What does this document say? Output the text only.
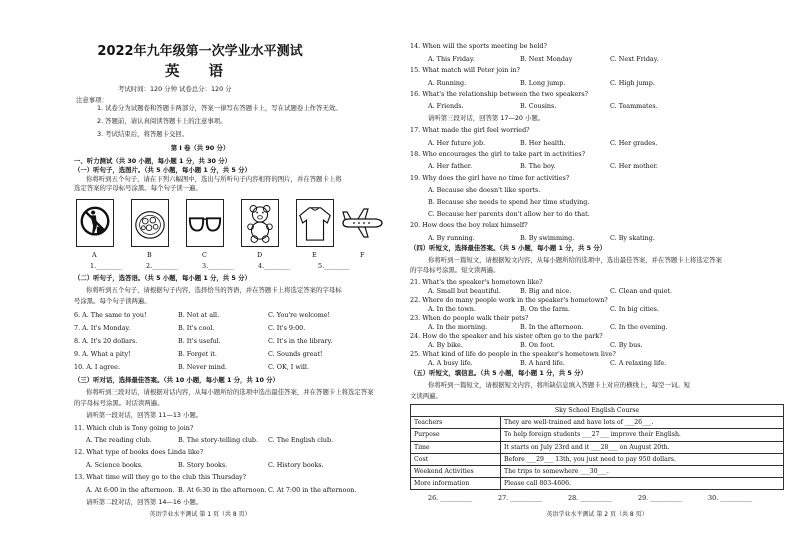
2022年九年级第一次学业水平测试
英 语
考试时间：120 分钟 试卷总分：120 分
注意事项：
1. 试卷分为试题卷和答题卡两部分，答案一律写在答题卡上，写在试题卷上作答无效。
2. 答题前，请认真阅读答题卡上的注意事项。
3. 考试结束后，将答题卡交回。
第 I 卷（共 90 分）
一、听力测试（共 30 小题，每小题 1 分，共 30 分）
（一）听句子，选图片。（共 5 小题，每小题 1 分，共 5 分）
你将听到五个句子，请在下列六幅图中，选出与所听句子内容相符的图片，并在答题卡上将
选定答案的字母标号涂黑。每个句子读一遍。
A	B	C	D	E	F
1.________	2.________	3.________	4.________	5.________
（二）听句子，选答语。（共 5 小题，每小题 1 分，共 5 分）
你将听到五个句子，请根据句子内容，选择恰当的答语，并在答题卡上将选定答案的字母标
号涂黑。每个句子读两遍。
6. A. The same to you!	B. Not at all.	C. You're welcome!
7. A. It's Monday.	B. It's cool.	C. It's 9:00.
8. A. It's 20 dollars.	B. It's useful.	C. It's in the library.
9. A. What a pity!	B. Forget it.	C. Sounds great!
10. A. I agree.	B. Never mind.	C. OK, I will.
（三）听对话，选择最佳答案。（共 10 小题，每小题 1 分，共 10 分）
你将听到三段对话，请根据对话内容，从每小题所给的选项中选出最佳答案，并在答题卡上将选定答案
的字母标号涂黑。对话读两遍。
请听第一段对话，回答第 11—13 小题。
11. Which club is Tony going to join?
A. The reading club.	B. The story-telling club. C. The English club.
12. What type of books does Linda like?
A. Science books.	B. Story books.	C. History books.
13. What time will they go to the club this Thursday?
A. At 6:00 in the afternoon. B. At 6:30 in the afternoon. C. At 7:00 in the afternoon.
请听第二段对话，回答第 14—16 小题。
英语学业水平测试 第 1 页（共 8 页）
14. When will the sports meeting be held?
A. This Friday.	B. Next Monday	C. Next Friday.
15. What match will Peter join in?
A. Running.	B. Long jump.	C. High jump.
16. What's the relationship between the two speakers?
A. Friends.	B. Cousins.	C. Teammates.
请听第三段对话，回答第 17—20 小题。
17. What made the girl feel worried?
A. Her future job.	B. Her health.	C. Her grades.
18. Who encourages the girl to take part in activities?
A. Her father.	B. The boy.	C. Her mother.
19. Why does the girl have no time for activities?
A. Because she doesn't like sports.
B. Because she needs to spend her time studying.
C. Because her parents don't allow her to do that.
20. How does the boy relax himself?
A. By running.	B. By swimming.	C. By skating.
（四）听短文，选择最佳答案。（共 5 小题，每小题 1 分，共 5 分）
你将听到一篇短文，请根据短文内容，从每小题所给的选项中，选出最佳答案，并在答题卡上将选定答案
的字母标号涂黑。短文读两遍。
21. What's the speaker's hometown like?
A. Small but beautiful.	B. Big and nice.	C. Clean and quiet.
22. Where do many people work in the speaker's hometown?
A. In the town.	B. On the farm.	C. In big cities.
23. When do people walk their pets?
A. In the morning.	B. In the afternoon.	C. In the evening.
24. How do the speaker and his sister often go to the park?
A. By bike.	B. On foot.	C. By bus.
25. What kind of life do people in the speaker's hometown live?
A. A busy life.	B. A hard life.	C. A relaxing life.
（五）听短文，填信息。（共 5 小题，每小题 1 分，共 5 分）
你将听到一篇短文，请根据短文内容，将所缺信息填入答题卡上对应的横线上，每空一词。短
文读两遍。
Sky School English Course	
Teachers	They are well-trained and have lots of ___26___.
Purpose	To help foreign students ___27___ improve their English.
Time	It starts on July 23rd and it ___28___ on August 20th.
Cost	Before ___29___ 13th, you just need to pay 950 dollars.
Weekend Activities	The trips to somewhere ___30___.
More information	Please call 803-4606.
26. __________	27. __________	28. __________	29. __________	30. __________
英语学业水平测试 第 2 页（共 8 页）
